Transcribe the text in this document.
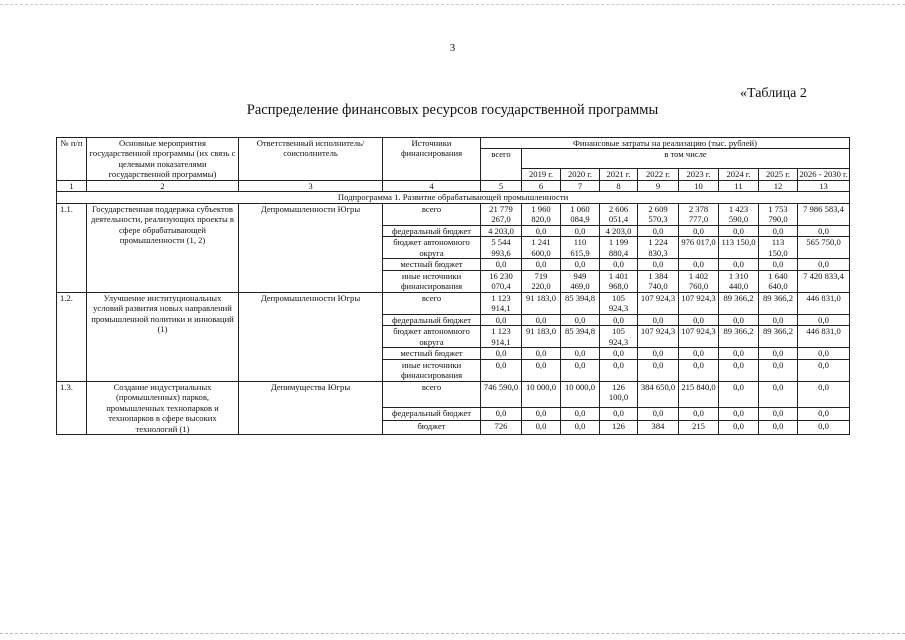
3
«Таблица 2
Распределение финансовых ресурсов государственной программы
№ п/п	Основные мероприятия государственной программы (их связь с целевыми показателями государственной программы)	Ответственный исполнитель/соисполнитель	Источники финансирования	Финансовые затраты на реализацию (тыс. рублей)								
				всего	в том числе							
					2019 г.	2020 г.	2021 г.	2022 г.	2023 г.	2024 г.	2025 г.	2026 - 2030 г.
1	2	3	4	5	6	7	8	9	10	11	12	13
Подпрограмма 1. Развитие обрабатывающей промышленности												
1.1.	Государственная поддержка субъектов деятельности, реализующих проекты в сфере обрабатывающей промышленности (1, 2)	Депромышленности Югры	всего	21 779 267,0	1 960 820,0	1 060 084,9	2 606 051,4	2 609 570,3	2 378 777,0	1 423 590,0	1 753 790,0	7 986 583,4
			федеральный бюджет	4 203,0	0,0	0,0	4 203,0	0,0	0,0	0,0	0,0	0,0
			бюджет автономного округа	5 544 993,6	1 241 600,0	110 615,9	1 199 880,4	1 224 830,3	976 017,0	113 150,0	113 150,0	565 750,0
			местный бюджет	0,0	0,0	0,0	0,0	0,0	0,0	0,0	0,0	0,0
			иные источники финансирования	16 230 070,4	719 220,0	949 469,0	1 401 968,0	1 384 740,0	1 402 760,0	1 310 440,0	1 640 640,0	7 420 833,4
1.2.	Улучшение институциональных условий развития новых направлений промышленной политики и инноваций (1)	Депромышленности Югры	всего	1 123 914,1	91 183,0	85 394,8	105 924,3	107 924,3	107 924,3	89 366,2	89 366,2	446 831,0
			федеральный бюджет	0,0	0,0	0,0	0,0	0,0	0,0	0,0	0,0	0,0
			бюджет автономного округа	1 123 914,1	91 183,0	85 394,8	105 924,3	107 924,3	107 924,3	89 366,2	89 366,2	446 831,0
			местный бюджет	0,0	0,0	0,0	0,0	0,0	0,0	0,0	0,0	0,0
			иные источники финансирования	0,0	0,0	0,0	0,0	0,0	0,0	0,0	0,0	0,0
1.3.	Создание индустриальных (промышленных) парков, промышленных технопарков и технопарков в сфере высоких технологий (1)	Депимущества Югры	всего	746 590,0	10 000,0	10 000,0	126 100,0	384 650,0	215 840,0	0,0	0,0	0,0
			федеральный бюджет	0,0	0,0	0,0	0,0	0,0	0,0	0,0	0,0	0,0
			бюджет	726	0,0	0,0	126	384	215	0,0	0,0	0,0
